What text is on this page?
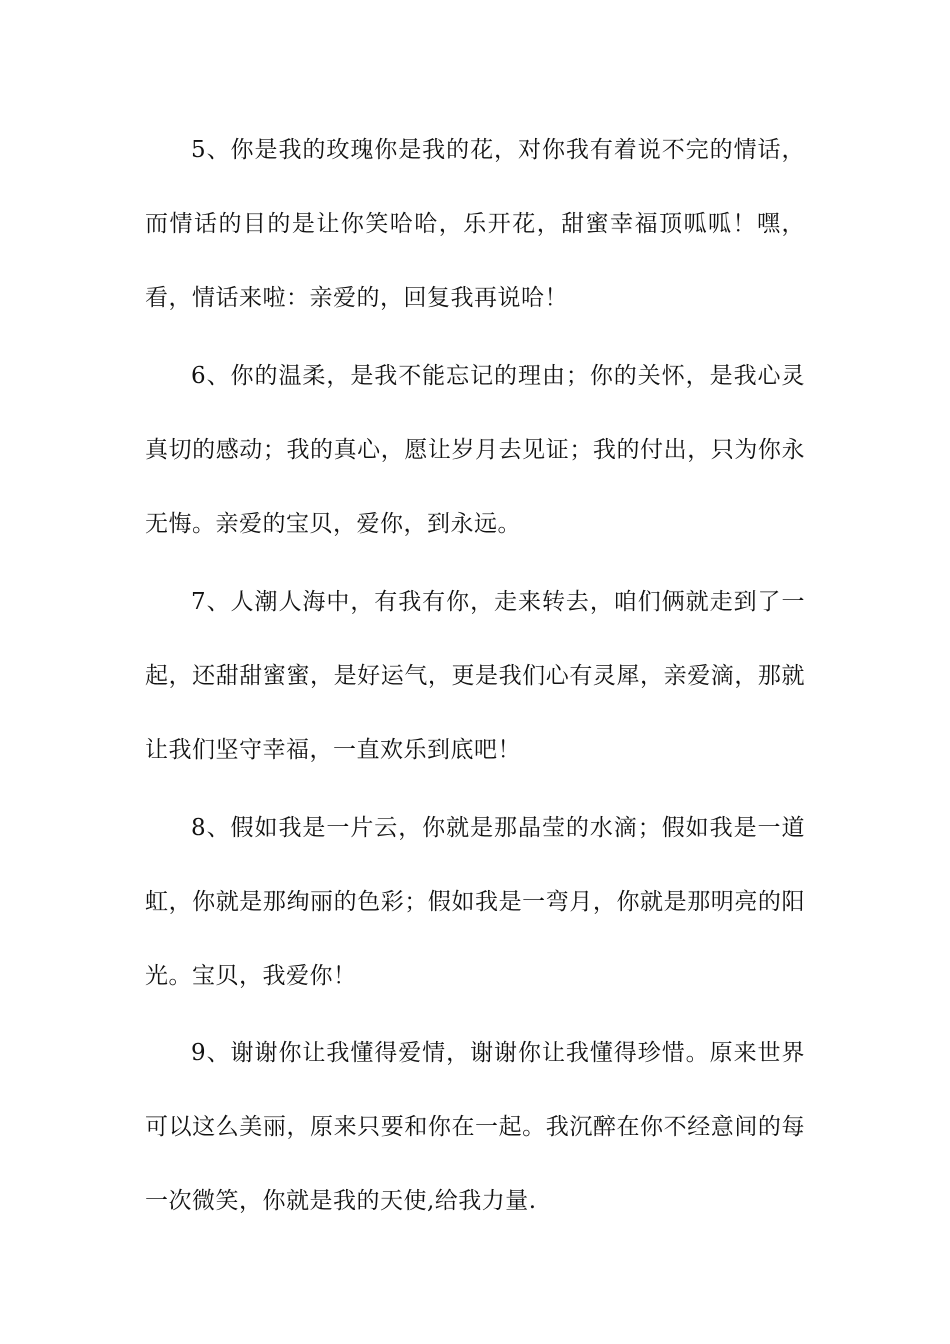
5、你是我的玫瑰你是我的花，对你我有着说不完的情话，而情话的目的是让你笑哈哈，乐开花，甜蜜幸福顶呱呱！嘿，看，情话来啦：亲爱的，回复我再说哈！

6、你的温柔，是我不能忘记的理由；你的关怀，是我心灵真切的感动；我的真心，愿让岁月去见证；我的付出，只为你永无悔。亲爱的宝贝，爱你，到永远。

7、人潮人海中，有我有你，走来转去，咱们俩就走到了一起，还甜甜蜜蜜，是好运气，更是我们心有灵犀，亲爱滴，那就让我们坚守幸福，一直欢乐到底吧！

8、假如我是一片云，你就是那晶莹的水滴；假如我是一道虹，你就是那绚丽的色彩；假如我是一弯月，你就是那明亮的阳光。宝贝，我爱你！

9、谢谢你让我懂得爱情，谢谢你让我懂得珍惜。原来世界可以这么美丽，原来只要和你在一起。我沉醉在你不经意间的每一次微笑，你就是我的天使,给我力量.
